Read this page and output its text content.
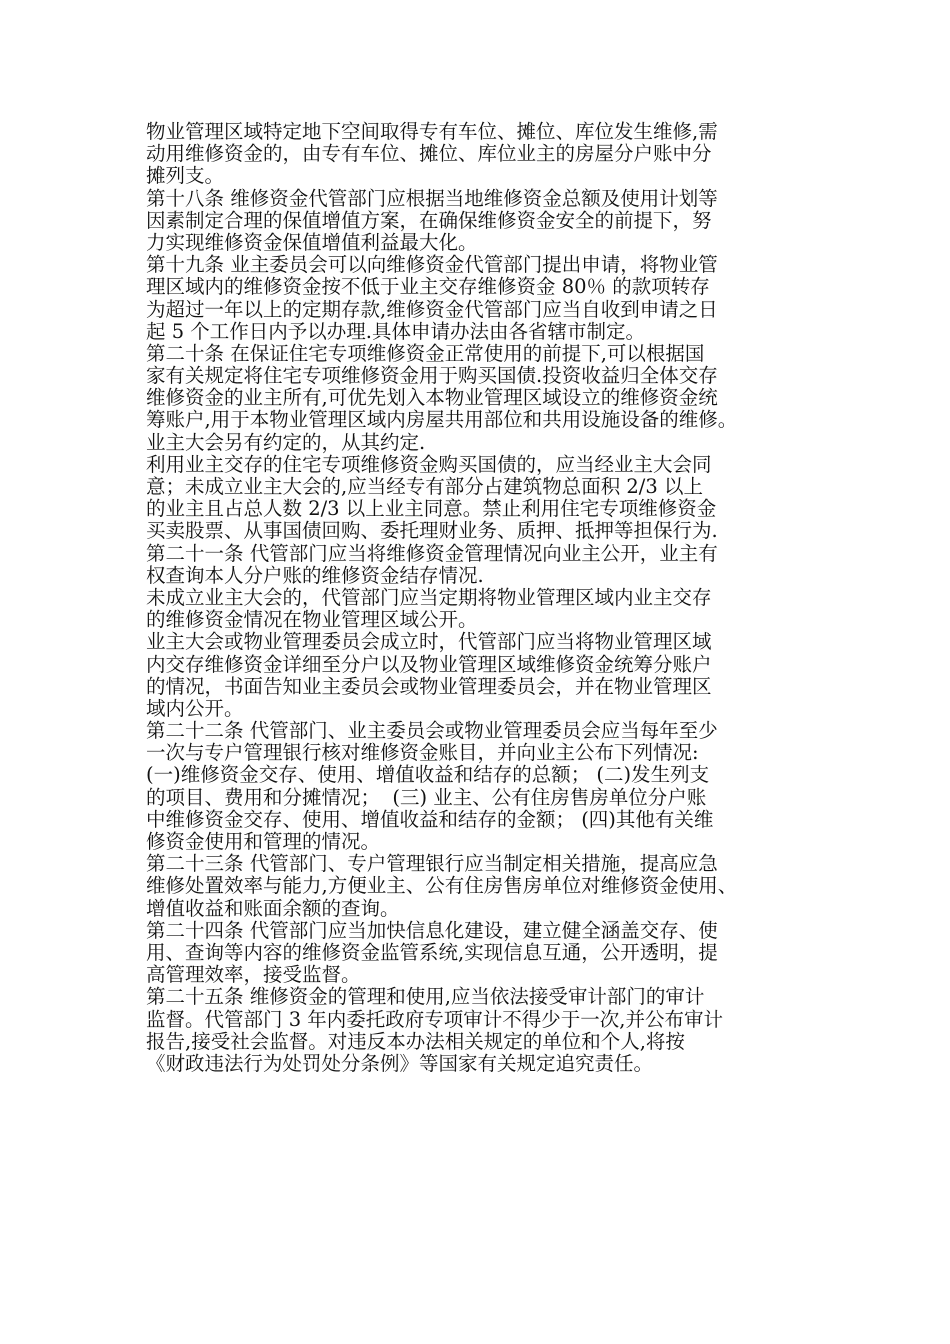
物业管理区域特定地下空间取得专有车位、摊位、库位发生维修,需
动用维修资金的，由专有车位、摊位、库位业主的房屋分户账中分
摊列支。
第十八条 维修资金代管部门应根据当地维修资金总额及使用计划等
因素制定合理的保值增值方案，在确保维修资金安全的前提下，努
力实现维修资金保值增值利益最大化。
第十九条 业主委员会可以向维修资金代管部门提出申请，将物业管
理区域内的维修资金按不低于业主交存维修资金 80％ 的款项转存
为超过一年以上的定期存款,维修资金代管部门应当自收到申请之日
起 5 个工作日内予以办理.具体申请办法由各省辖市制定。
第二十条 在保证住宅专项维修资金正常使用的前提下,可以根据国
家有关规定将住宅专项维修资金用于购买国债.投资收益归全体交存
维修资金的业主所有,可优先划入本物业管理区域设立的维修资金统
筹账户,用于本物业管理区域内房屋共用部位和共用设施设备的维修。
业主大会另有约定的，从其约定.
利用业主交存的住宅专项维修资金购买国债的，应当经业主大会同
意；未成立业主大会的,应当经专有部分占建筑物总面积 2/3 以上
的业主且占总人数 2/3 以上业主同意。禁止利用住宅专项维修资金
买卖股票、从事国债回购、委托理财业务、质押、抵押等担保行为.
第二十一条 代管部门应当将维修资金管理情况向业主公开，业主有
权查询本人分户账的维修资金结存情况.
未成立业主大会的，代管部门应当定期将物业管理区域内业主交存
的维修资金情况在物业管理区域公开。
业主大会或物业管理委员会成立时，代管部门应当将物业管理区域
内交存维修资金详细至分户以及物业管理区域维修资金统筹分账户
的情况，书面告知业主委员会或物业管理委员会，并在物业管理区
域内公开。
第二十二条 代管部门、业主委员会或物业管理委员会应当每年至少
一次与专户管理银行核对维修资金账目，并向业主公布下列情况:
(一)维修资金交存、使用、增值收益和结存的总额； (二)发生列支
的项目、费用和分摊情况；  (三) 业主、公有住房售房单位分户账
中维修资金交存、使用、增值收益和结存的金额； (四)其他有关维
修资金使用和管理的情况。
第二十三条 代管部门、专户管理银行应当制定相关措施，提高应急
维修处置效率与能力,方便业主、公有住房售房单位对维修资金使用、
增值收益和账面余额的查询。
第二十四条 代管部门应当加快信息化建设，建立健全涵盖交存、使
用、查询等内容的维修资金监管系统,实现信息互通，公开透明，提
高管理效率，接受监督。
第二十五条 维修资金的管理和使用,应当依法接受审计部门的审计
监督。代管部门 3 年内委托政府专项审计不得少于一次,并公布审计
报告,接受社会监督。对违反本办法相关规定的单位和个人,将按
《财政违法行为处罚处分条例》等国家有关规定追究责任。
